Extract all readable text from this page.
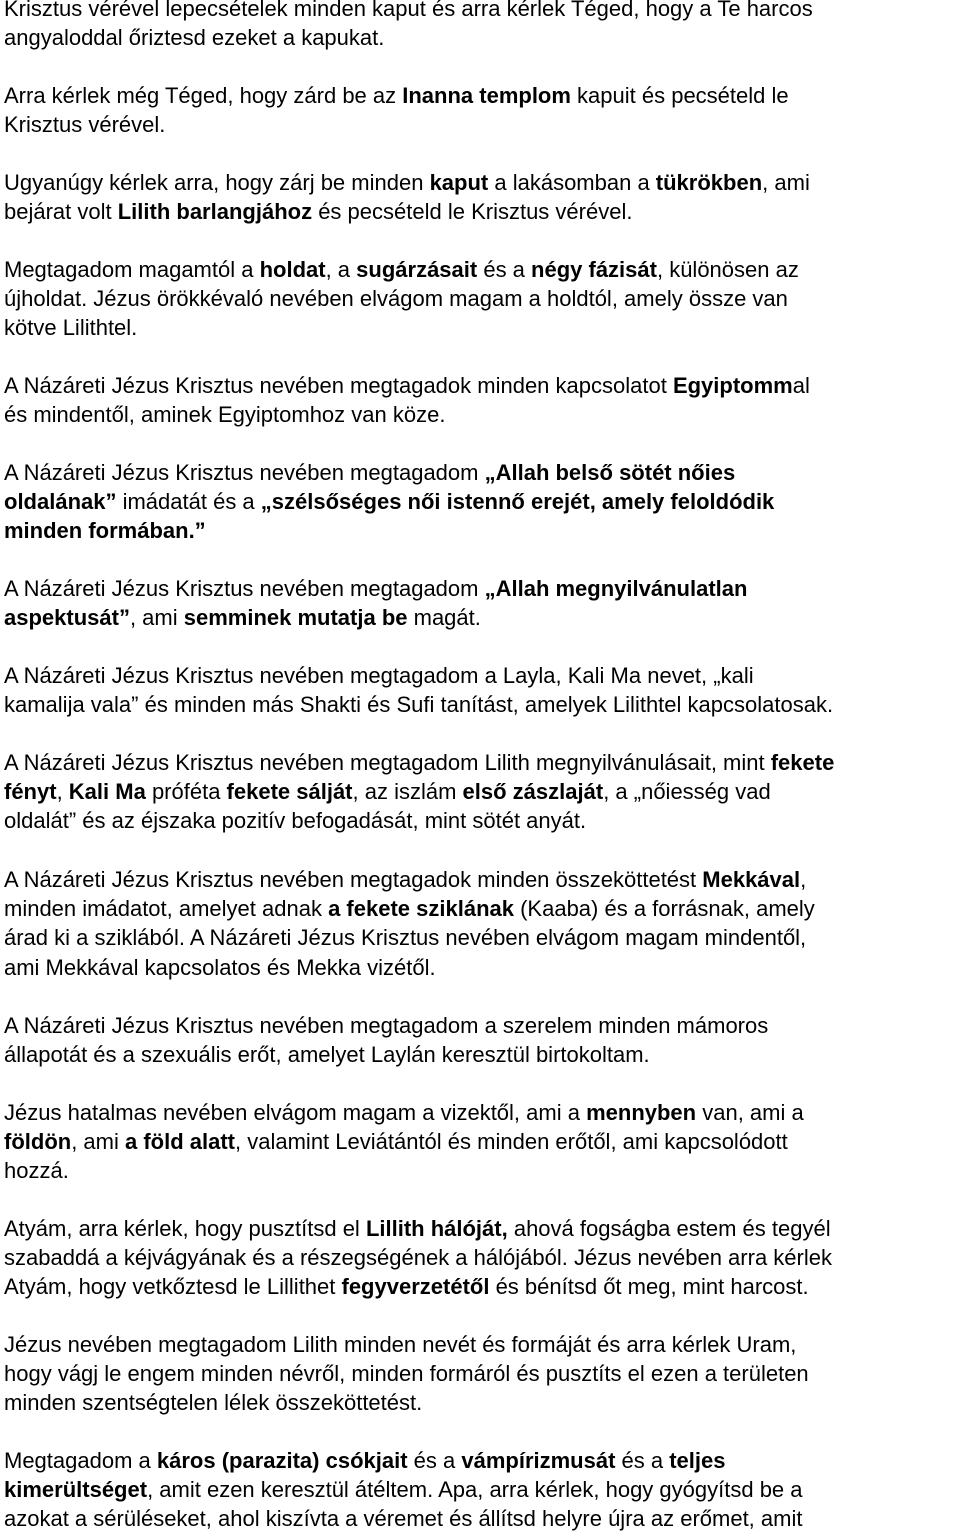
Krisztus vérével lepecsételek minden kaput és arra kérlek Téged, hogy a Te harcos
angyaloddal őriztesd ezeket a kapukat.
Arra kérlek még Téged, hogy zárd be az Inanna templom kapuit és pecsételd le
Krisztus vérével.
Ugyanúgy kérlek arra, hogy zárj be minden kaput a lakásomban a tükrökben, ami
bejárat volt Lilith barlangjához és pecsételd le Krisztus vérével.
Megtagadom magamtól a holdat, a sugárzásait és a négy fázisát, különösen az
újholdat. Jézus örökkévaló nevében elvágom magam a holdtól, amely össze van
kötve Lilithtel.
A Názáreti Jézus Krisztus nevében megtagadok minden kapcsolatot Egyiptommal
és mindentől, aminek Egyiptomhoz van köze.
A Názáreti Jézus Krisztus nevében megtagadom „Allah belső sötét nőies
oldalának” imádatát és a „szélsőséges női istennő erejét, amely feloldódik
minden formában.”
A Názáreti Jézus Krisztus nevében megtagadom „Allah megnyilvánulatlan
aspektusát”, ami semminek mutatja be magát.
A Názáreti Jézus Krisztus nevében megtagadom a Layla, Kali Ma nevet, „kali
kamalija vala” és minden más Shakti és Sufi tanítást, amelyek Lilithtel kapcsolatosak.
A Názáreti Jézus Krisztus nevében megtagadom Lilith megnyilvánulásait, mint fekete
fényt, Kali Ma próféta fekete sálját, az iszlám első zászlaját, a „nőiesség vad
oldalát” és az éjszaka pozitív befogadását, mint sötét anyát.
A Názáreti Jézus Krisztus nevében megtagadok minden összeköttetést Mekkával,
minden imádatot, amelyet adnak a fekete sziklának (Kaaba) és a forrásnak, amely
árad ki a sziklából. A Názáreti Jézus Krisztus nevében elvágom magam mindentől,
ami Mekkával kapcsolatos és Mekka vizétől.
A Názáreti Jézus Krisztus nevében megtagadom a szerelem minden mámoros
állapotát és a szexuális erőt, amelyet Laylán keresztül birtokoltam.
Jézus hatalmas nevében elvágom magam a vizektől, ami a mennyben van, ami a
földön, ami a föld alatt, valamint Leviátántól és minden erőtől, ami kapcsolódott
hozzá.
Atyám, arra kérlek, hogy pusztítsd el Lillith hálóját, ahová fogságba estem és tegyél
szabaddá a kéjvágyának és a részegségének a hálójából. Jézus nevében arra kérlek
Atyám, hogy vetkőztesd le Lillithet fegyverzetétől és bénítsd őt meg, mint harcost.
Jézus nevében megtagadom Lilith minden nevét és formáját és arra kérlek Uram,
hogy vágj le engem minden névről, minden formáról és pusztíts el ezen a területen
minden szentségtelen lélek összeköttetést.
Megtagadom a káros (parazita) csókjait és a vámpírizmusát és a teljes
kimerültséget, amit ezen keresztül átéltem. Apa, arra kérlek, hogy gyógyítsd be a
azokat a sérüléseket, ahol kiszívta a véremet és állítsd helyre újra az erőmet, amit
